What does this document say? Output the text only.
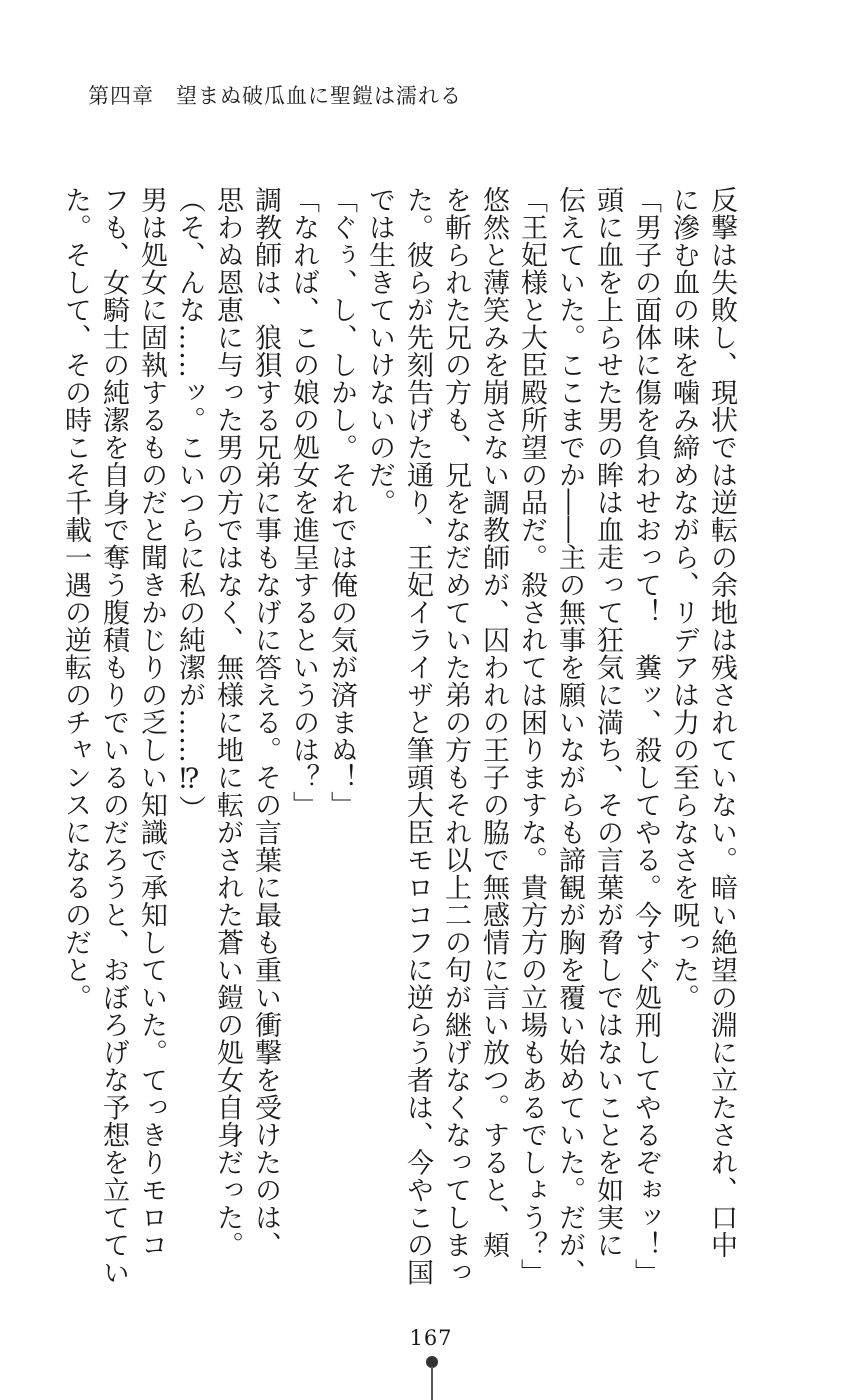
第四章　望まぬ破瓜血に聖鎧は濡れる

反撃は失敗し、現状では逆転の余地は残されていない。暗い絶望の淵に立たされ、口中

に滲む血の味を噛み締めながら、リデアは力の至らなさを呪った。

「男子の面体に傷を負わせおって！　糞ッ、殺してやる。今すぐ処刑してやるぞぉッ！」

頭に血を上らせた男の眸は血走って狂気に満ち、その言葉が脅しではないことを如実に

伝えていた。ここまでか――主の無事を願いながらも諦観が胸を覆い始めていた。だが、

「王妃様と大臣殿所望の品だ。殺されては困りますな。貴方方の立場もあるでしょう？」

悠然と薄笑みを崩さない調教師が、囚われの王子の脇で無感情に言い放つ。すると、頬

を斬られた兄の方も、兄をなだめていた弟の方もそれ以上二の句が継げなくなってしまっ

た。彼らが先刻告げた通り、王妃イライザと筆頭大臣モロコフに逆らう者は、今やこの国

では生きていけないのだ。

「ぐぅ、し、しかし。それでは俺の気が済まぬ！」

「なれば、この娘の処女を進呈するというのは？」

調教師は、狼狽する兄弟に事もなげに答える。その言葉に最も重い衝撃を受けたのは、

思わぬ恩恵に与った男の方ではなく、無様に地に転がされた蒼い鎧の処女自身だった。

（そ、んな……ッ。こいつらに私の純潔が……⁉）

男は処女に固執するものだと聞きかじりの乏しい知識で承知していた。てっきりモロコ

フも、女騎士の純潔を自身で奪う腹積もりでいるのだろうと、おぼろげな予想を立ててい

た。そして、その時こそ千載一遇の逆転のチャンスになるのだと。

167
